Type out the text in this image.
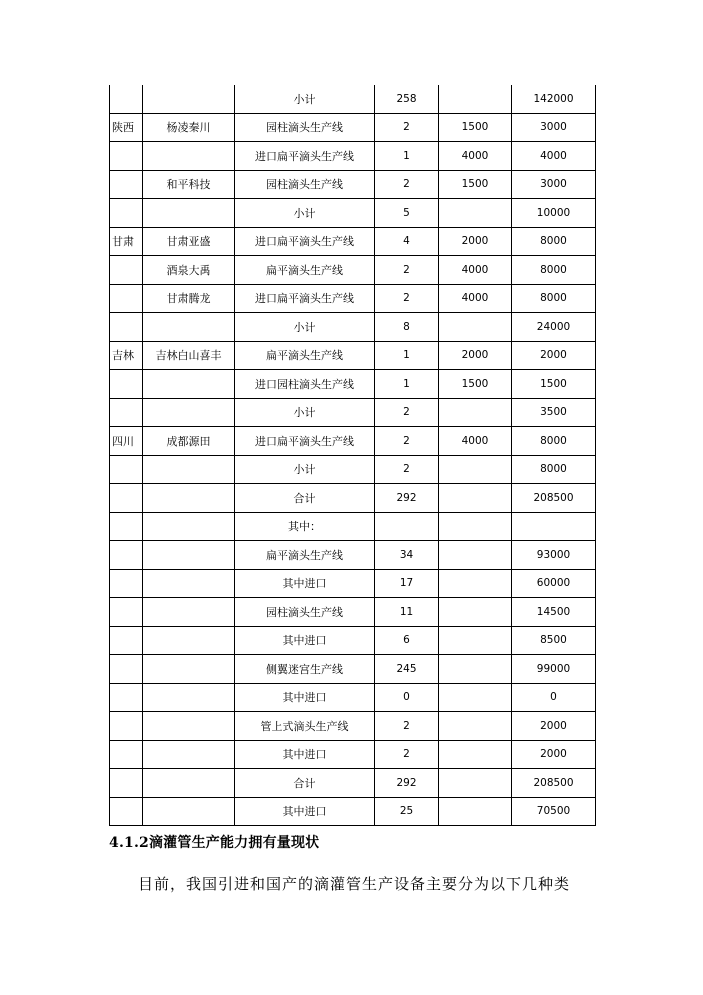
		小计	258		142000
陕西	杨凌秦川	园柱滴头生产线	2	1500	3000
		进口扁平滴头生产线	1	4000	4000
	和平科技	园柱滴头生产线	2	1500	3000
		小计	5		10000
甘肃	甘肃亚盛	进口扁平滴头生产线	4	2000	8000
	酒泉大禹	扁平滴头生产线	2	4000	8000
	甘肃腾龙	进口扁平滴头生产线	2	4000	8000
		小计	8		24000
吉林	吉林白山喜丰	扁平滴头生产线	1	2000	2000
		进口园柱滴头生产线	1	1500	1500
		小计	2		3500
四川	成都源田	进口扁平滴头生产线	2	4000	8000
		小计	2		8000
		合计	292		208500
		其中：			
		扁平滴头生产线	34		93000
		其中进口	17		60000
		园柱滴头生产线	11		14500
		其中进口	6		8500
		侧翼迷宫生产线	245		99000
		其中进口	0		0
		管上式滴头生产线	2		2000
		其中进口	2		2000
		合计	292		208500
		其中进口	25		70500
4.1.2滴灌管生产能力拥有量现状
目前，我国引进和国产的滴灌管生产设备主要分为以下几种类
